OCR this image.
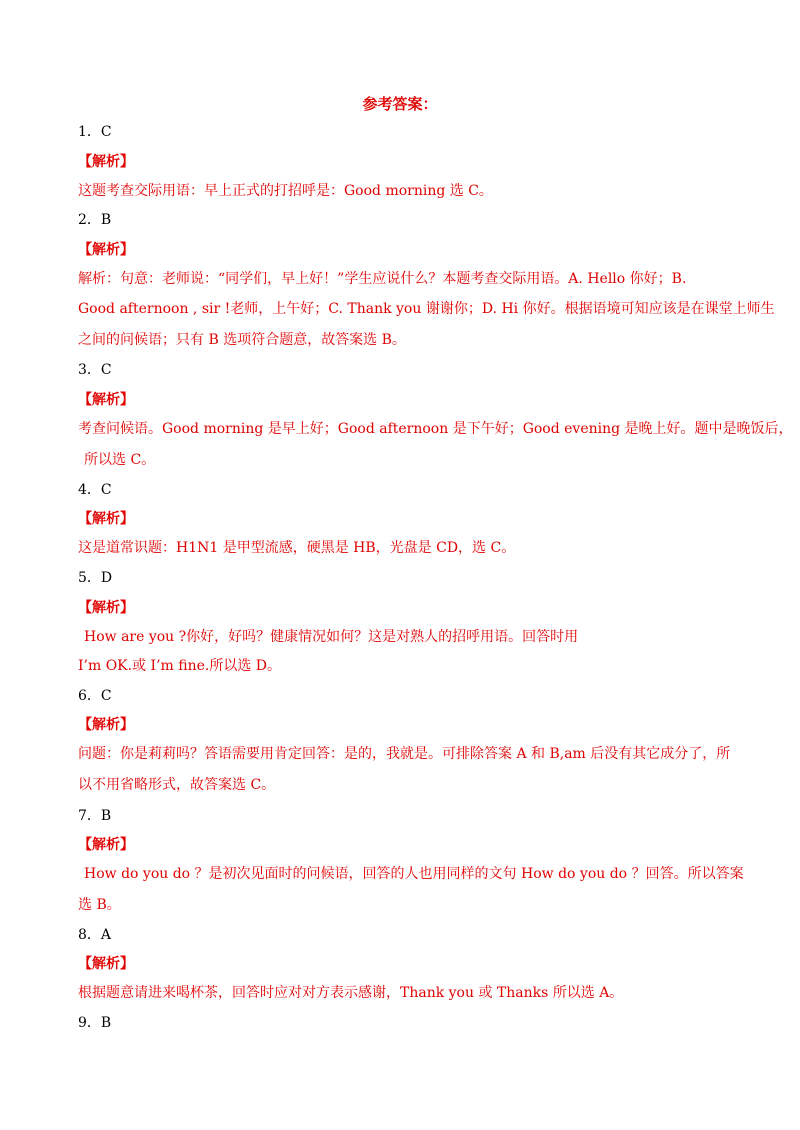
参考答案：
1．C
【解析】
这题考查交际用语：早上正式的打招呼是：Good morning 选 C。
2．B
【解析】
解析：句意：老师说：“同学们，早上好！”学生应说什么？本题考查交际用语。A. Hello 你好；B.
Good afternoon , sir !老师，上午好；C. Thank you 谢谢你；D. Hi 你好。根据语境可知应该是在课堂上师生
之间的问候语；只有 B 选项符合题意，故答案选 B。
3．C
【解析】
考查问候语。Good morning 是早上好；Good afternoon 是下午好；Good evening 是晚上好。题中是晚饭后，
所以选 C。
4．C
【解析】
这是道常识题：H1N1 是甲型流感，硬黑是 HB，光盘是 CD，选 C。
5．D
【解析】
How are you ?你好，好吗？健康情况如何？这是对熟人的招呼用语。回答时用
I’m OK.或 I’m fine.所以选 D。
6．C
【解析】
问题：你是莉莉吗？答语需要用肯定回答：是的，我就是。可排除答案 A 和 B,am 后没有其它成分了，所
以不用省略形式，故答案选 C。
7．B
【解析】
How do you do ？是初次见面时的问候语，回答的人也用同样的文句 How do you do ？回答。所以答案
选 B。
8．A
【解析】
根据题意请进来喝杯茶，回答时应对对方表示感谢，Thank you 或 Thanks 所以选 A。
9．B
